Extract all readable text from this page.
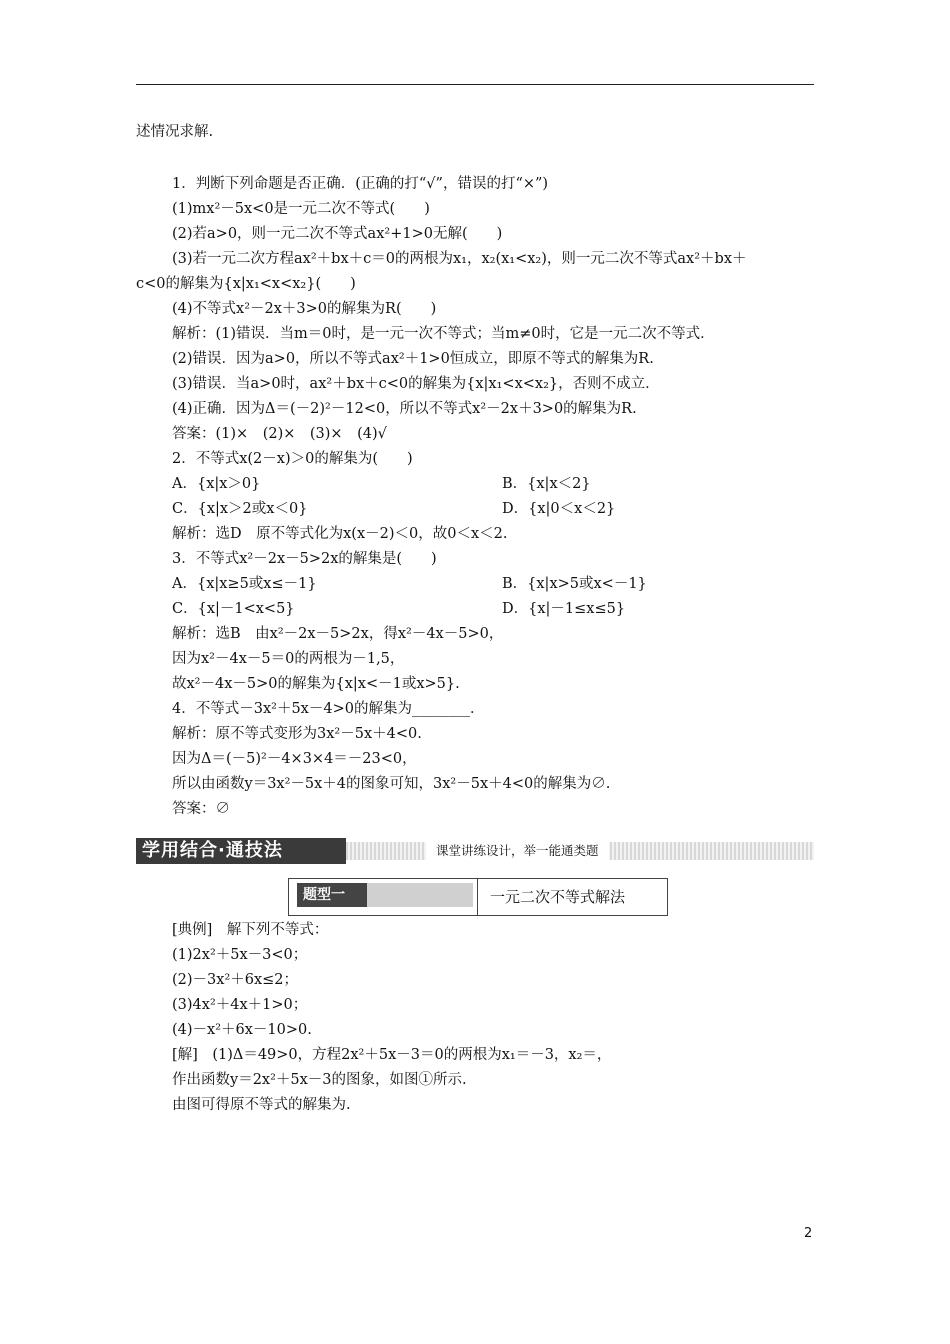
述情况求解.
1．判断下列命题是否正确．(正确的打“√”，错误的打“×”)
(1)mx²－5x<0是一元二次不等式(　　)
(2)若a>0，则一元二次不等式ax²+1>0无解(　　)
(3)若一元二次方程ax²＋bx＋c＝0的两根为x₁，x₂(x₁<x₂)，则一元二次不等式ax²＋bx＋
c<0的解集为{x|x₁<x<x₂}(　　)
(4)不等式x²－2x＋3>0的解集为R(　　)
解析：(1)错误．当m＝0时，是一元一次不等式；当m≠0时，它是一元二次不等式．
(2)错误．因为a>0，所以不等式ax²＋1>0恒成立，即原不等式的解集为R.
(3)错误．当a>0时，ax²＋bx＋c<0的解集为{x|x₁<x<x₂}，否则不成立．
(4)正确．因为Δ＝(－2)²－12<0，所以不等式x²－2x＋3>0的解集为R.
答案：(1)×　(2)×　(3)×　(4)√
2．不等式x(2－x)＞0的解集为(　　)
A．{x|x＞0}	B．{x|x＜2}
C．{x|x＞2或x＜0}	D．{x|0＜x＜2}
解析：选D　原不等式化为x(x－2)＜0，故0＜x＜2.
3．不等式x²－2x－5>2x的解集是(　　)
A．{x|x≥5或x≤－1}	B．{x|x>5或x<－1}
C．{x|－1<x<5}	D．{x|－1≤x≤5}
解析：选B　由x²－2x－5>2x，得x²－4x－5>0，
因为x²－4x－5＝0的两根为－1,5，
故x²－4x－5>0的解集为{x|x<－1或x>5}.
4．不等式－3x²＋5x－4>0的解集为________．
解析：原不等式变形为3x²－5x＋4<0.
因为Δ＝(－5)²－4×3×4＝－23<0，
所以由函数y＝3x²－5x＋4的图象可知，3x²－5x＋4<0的解集为∅.
答案：∅
学用结合·通技法	课堂讲练设计，举一能通类题
题型一	一元二次不等式解法
[典例]　解下列不等式：
(1)2x²＋5x－3<0；
(2)－3x²＋6x≤2；
(3)4x²＋4x＋1>0；
(4)－x²＋6x－10>0.
[解]　(1)Δ＝49>0，方程2x²＋5x－3＝0的两根为x₁＝－3，x₂＝，
作出函数y＝2x²＋5x－3的图象，如图①所示.
由图可得原不等式的解集为.
2
